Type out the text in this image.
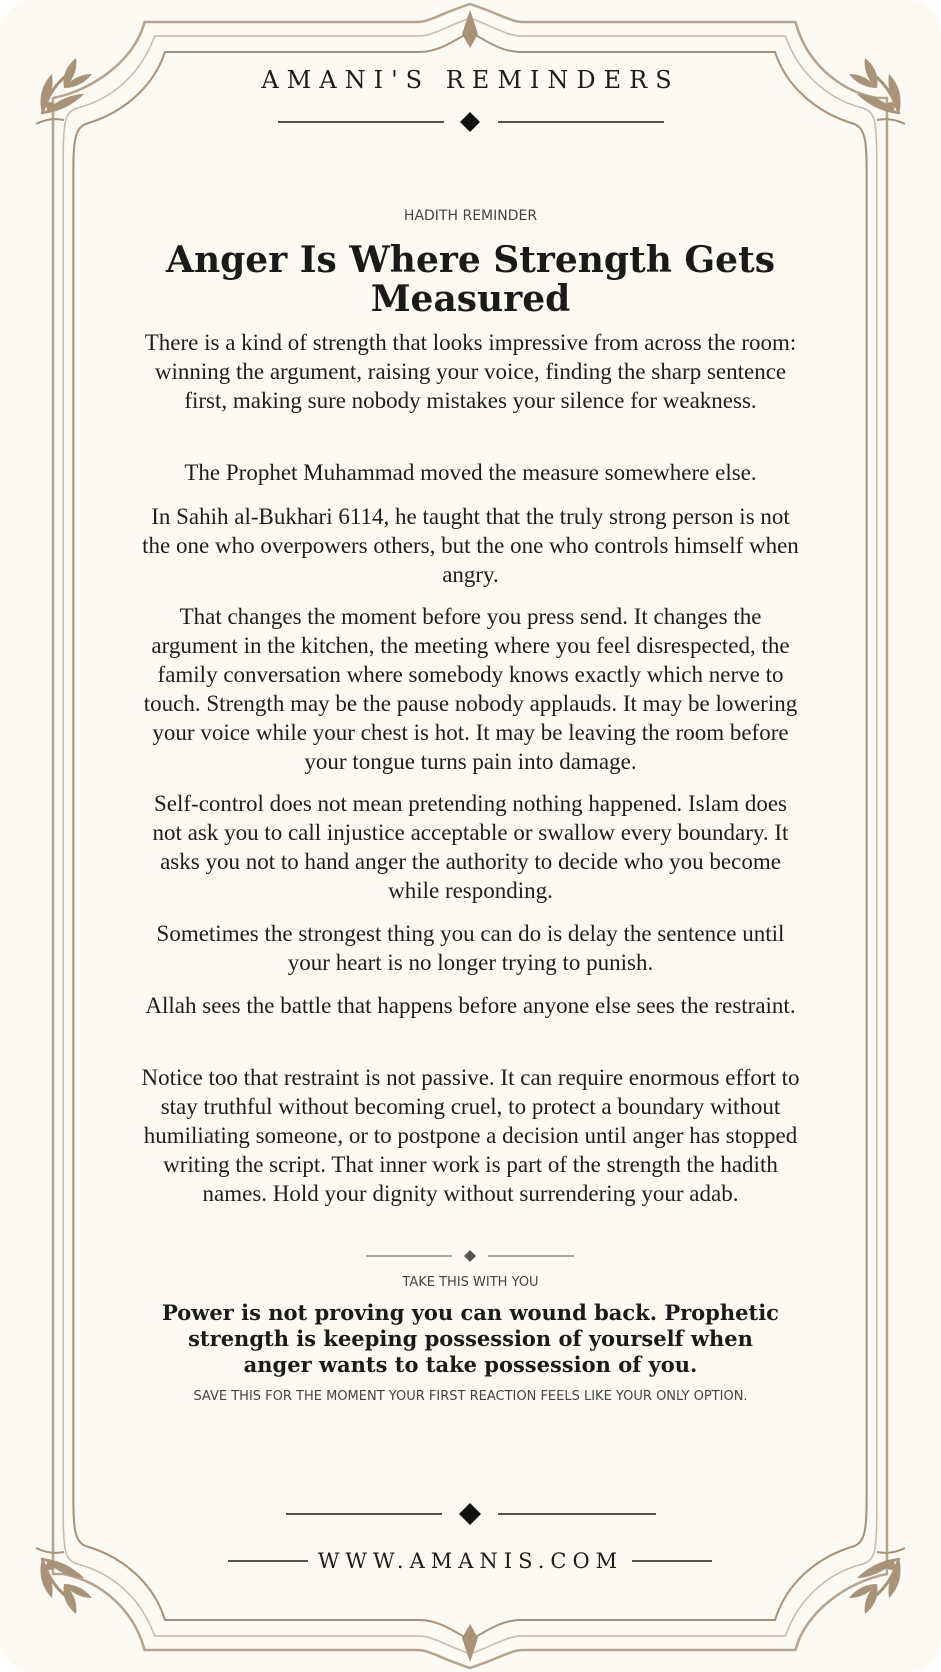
AMANI'S REMINDERS
HADITH REMINDER
Anger Is Where Strength Gets Measured
There is a kind of strength that looks impressive from across the room: winning the argument, raising your voice, finding the sharp sentence first, making sure nobody mistakes your silence for weakness.
The Prophet Muhammad moved the measure somewhere else.
In Sahih al-Bukhari 6114, he taught that the truly strong person is not the one who overpowers others, but the one who controls himself when angry.
That changes the moment before you press send. It changes the argument in the kitchen, the meeting where you feel disrespected, the family conversation where somebody knows exactly which nerve to touch. Strength may be the pause nobody applauds. It may be lowering your voice while your chest is hot. It may be leaving the room before your tongue turns pain into damage.
Self-control does not mean pretending nothing happened. Islam does not ask you to call injustice acceptable or swallow every boundary. It asks you not to hand anger the authority to decide who you become while responding.
Sometimes the strongest thing you can do is delay the sentence until your heart is no longer trying to punish.
Allah sees the battle that happens before anyone else sees the restraint.
Notice too that restraint is not passive. It can require enormous effort to stay truthful without becoming cruel, to protect a boundary without humiliating someone, or to postpone a decision until anger has stopped writing the script. That inner work is part of the strength the hadith names. Hold your dignity without surrendering your adab.
TAKE THIS WITH YOU
Power is not proving you can wound back. Prophetic strength is keeping possession of yourself when anger wants to take possession of you.
SAVE THIS FOR THE MOMENT YOUR FIRST REACTION FEELS LIKE YOUR ONLY OPTION.
WWW.AMANIS.COM
